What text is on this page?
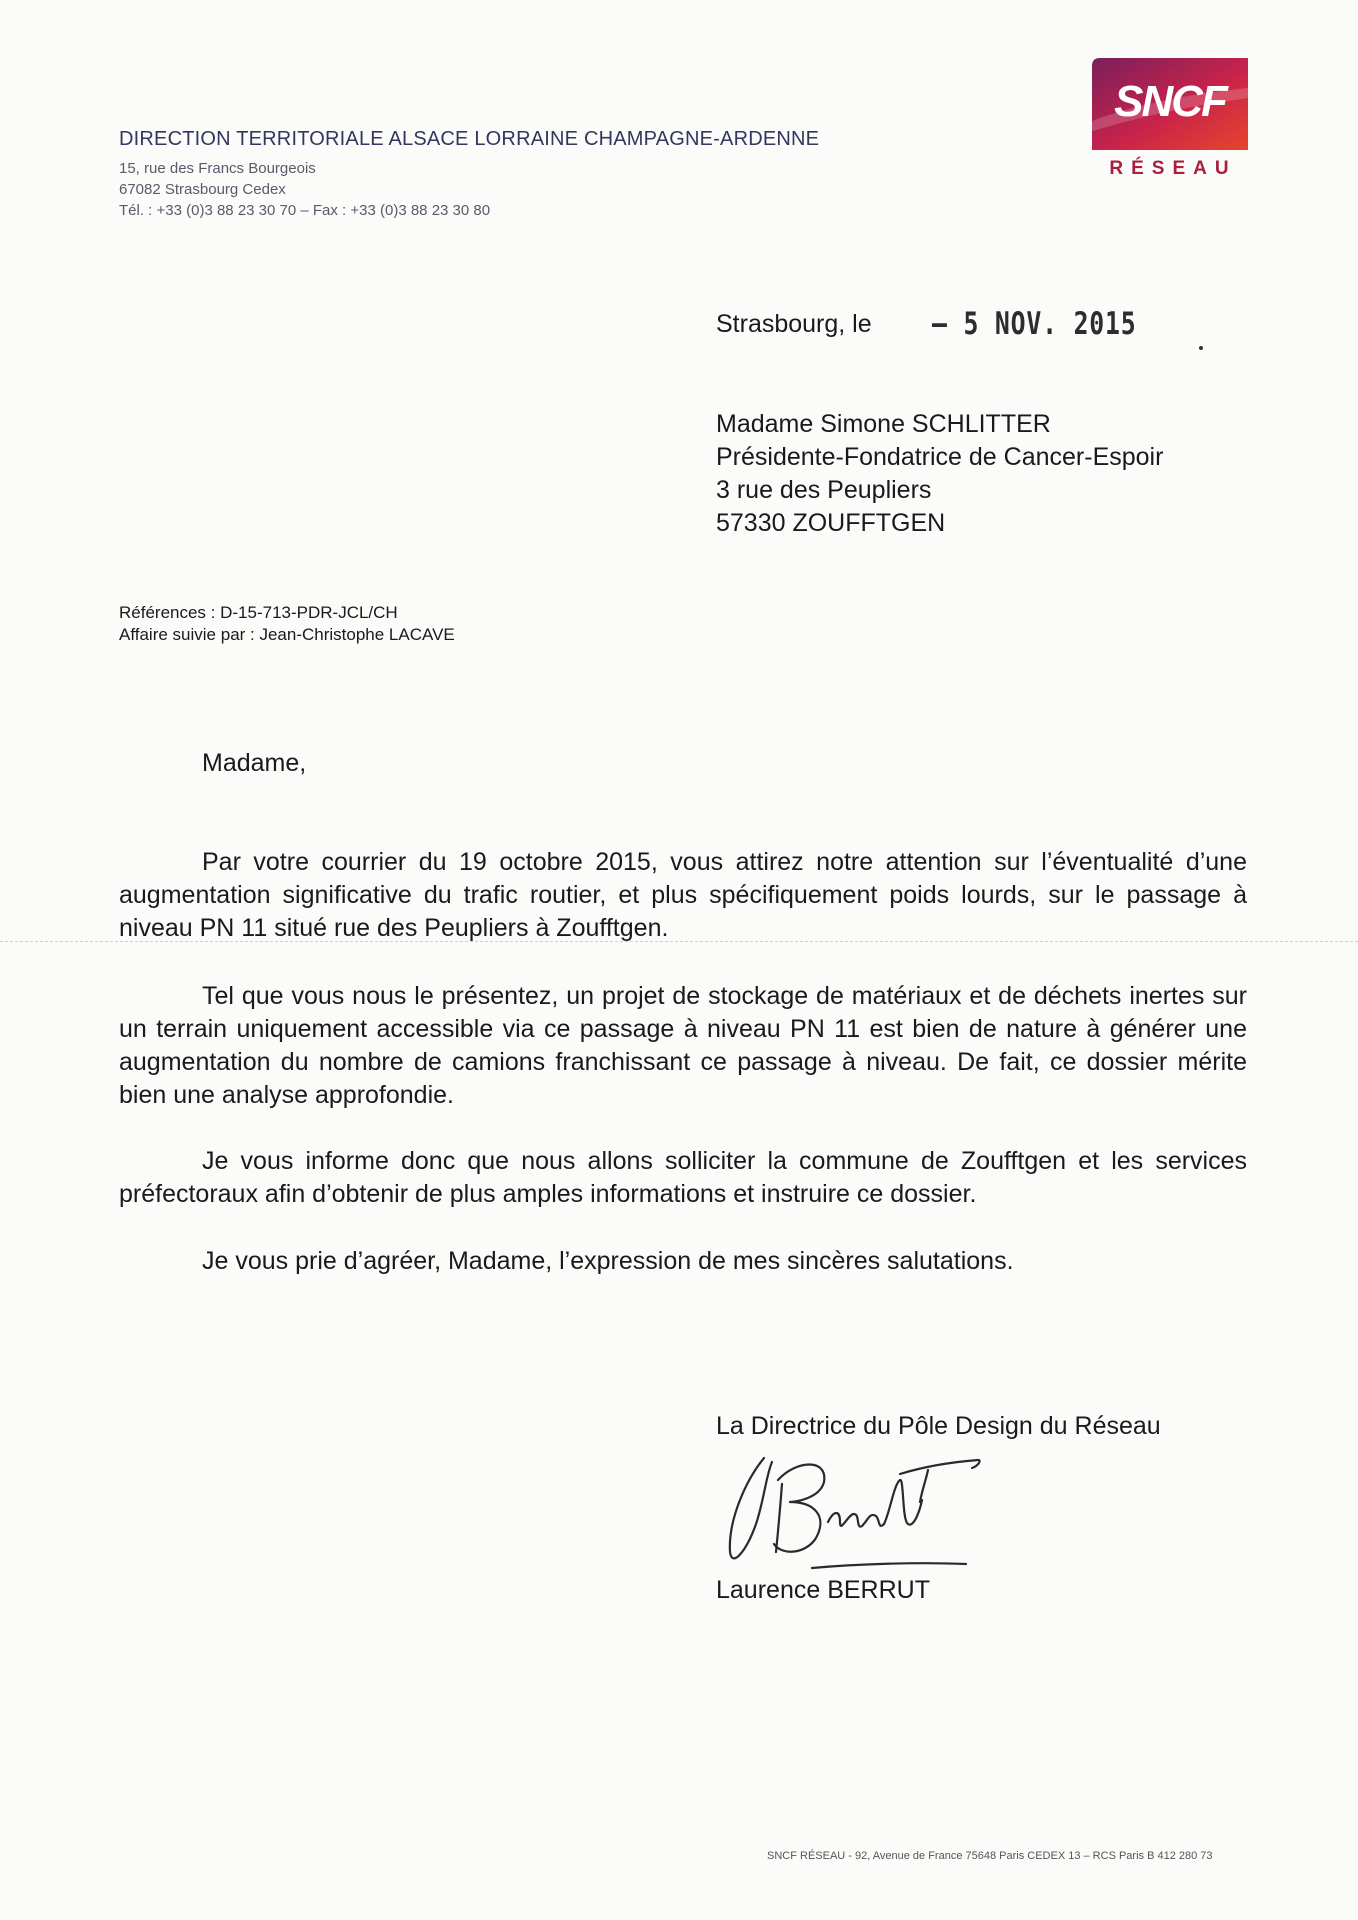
DIRECTION TERRITORIALE ALSACE LORRAINE CHAMPAGNE-ARDENNE
15, rue des Francs Bourgeois
67082 Strasbourg Cedex
Tél. : +33 (0)3 88 23 30 70 – Fax : +33 (0)3 88 23 30 80
SNCF
RÉSEAU
Strasbourg, le – 5 NOV. 2015
Madame Simone SCHLITTER
Présidente-Fondatrice de Cancer-Espoir
3 rue des Peupliers
57330 ZOUFFTGEN
Références : D-15-713-PDR-JCL/CH
Affaire suivie par : Jean-Christophe LACAVE
Madame,
Par votre courrier du 19 octobre 2015, vous attirez notre attention sur l’éventualité d’une augmentation significative du trafic routier, et plus spécifiquement poids lourds, sur le passage à niveau PN 11 situé rue des Peupliers à Zoufftgen.
Tel que vous nous le présentez, un projet de stockage de matériaux et de déchets inertes sur un terrain uniquement accessible via ce passage à niveau PN 11 est bien de nature à générer une augmentation du nombre de camions franchissant ce passage à niveau. De fait, ce dossier mérite bien une analyse approfondie.
Je vous informe donc que nous allons solliciter la commune de Zoufftgen et les services préfectoraux afin d’obtenir de plus amples informations et instruire ce dossier.
Je vous prie d’agréer, Madame, l’expression de mes sincères salutations.
La Directrice du Pôle Design du Réseau
Laurence BERRUT
SNCF RÉSEAU - 92, Avenue de France 75648 Paris CEDEX 13 – RCS Paris B 412 280 73
